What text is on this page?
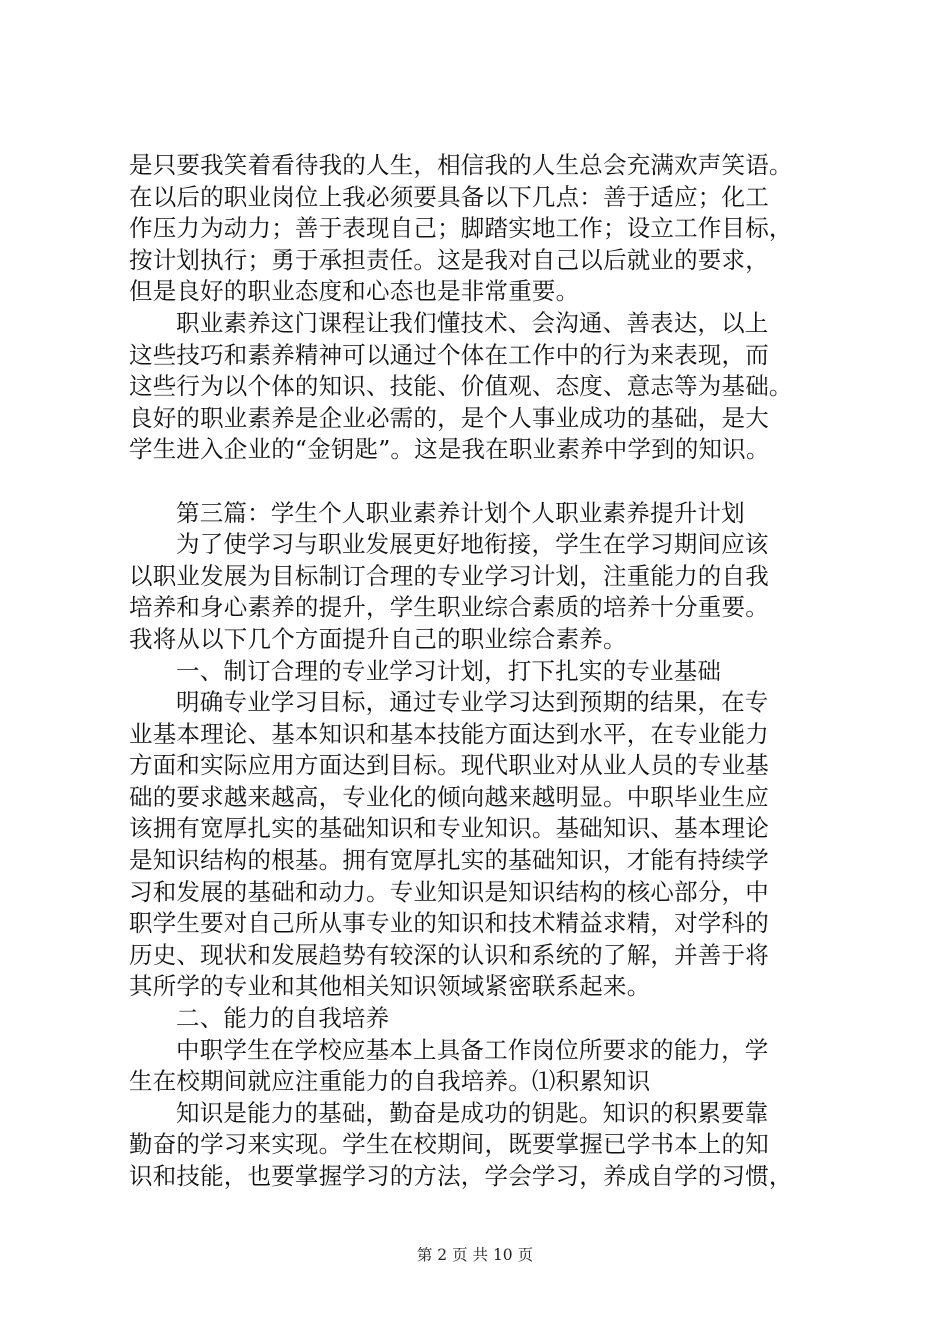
是只要我笑着看待我的人生，相信我的人生总会充满欢声笑语。
在以后的职业岗位上我必须要具备以下几点：善于适应；化工
作压力为动力；善于表现自己；脚踏实地工作；设立工作目标，
按计划执行；勇于承担责任。这是我对自己以后就业的要求，
但是良好的职业态度和心态也是非常重要。
职业素养这门课程让我们懂技术、会沟通、善表达，以上
这些技巧和素养精神可以通过个体在工作中的行为来表现，而
这些行为以个体的知识、技能、价值观、态度、意志等为基础。
良好的职业素养是企业必需的，是个人事业成功的基础，是大
学生进入企业的“金钥匙”。这是我在职业素养中学到的知识。
第三篇：学生个人职业素养计划个人职业素养提升计划
为了使学习与职业发展更好地衔接，学生在学习期间应该
以职业发展为目标制订合理的专业学习计划，注重能力的自我
培养和身心素养的提升，学生职业综合素质的培养十分重要。
我将从以下几个方面提升自己的职业综合素养。
一、制订合理的专业学习计划，打下扎实的专业基础
明确专业学习目标，通过专业学习达到预期的结果，在专
业基本理论、基本知识和基本技能方面达到水平，在专业能力
方面和实际应用方面达到目标。现代职业对从业人员的专业基
础的要求越来越高，专业化的倾向越来越明显。中职毕业生应
该拥有宽厚扎实的基础知识和专业知识。基础知识、基本理论
是知识结构的根基。拥有宽厚扎实的基础知识，才能有持续学
习和发展的基础和动力。专业知识是知识结构的核心部分，中
职学生要对自己所从事专业的知识和技术精益求精，对学科的
历史、现状和发展趋势有较深的认识和系统的了解，并善于将
其所学的专业和其他相关知识领域紧密联系起来。
二、能力的自我培养
中职学生在学校应基本上具备工作岗位所要求的能力，学
生在校期间就应注重能力的自我培养。⑴积累知识
知识是能力的基础，勤奋是成功的钥匙。知识的积累要靠
勤奋的学习来实现。学生在校期间，既要掌握已学书本上的知
识和技能，也要掌握学习的方法，学会学习，养成自学的习惯，
第 2 页 共 10 页
